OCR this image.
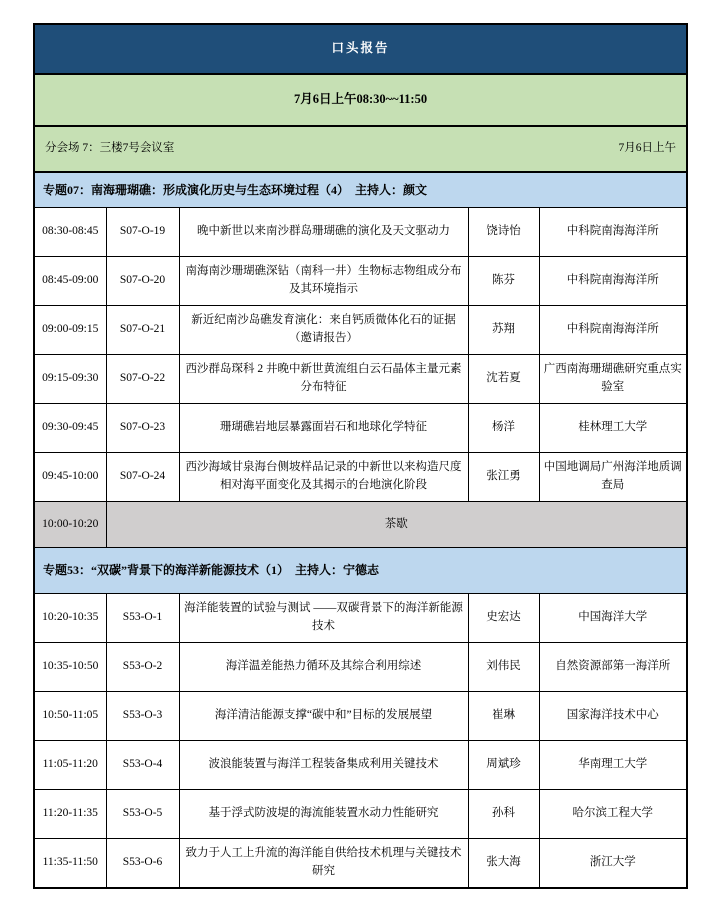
口头报告				
7月6日上午08:30~~11:50				

分会场 7：三楼7号会议室 7月6日上午				

专题07：南海珊瑚礁：形成演化历史与生态环境过程（4）　主持人：颜文				
08:30-08:45	S07-O-19	晚中新世以来南沙群岛珊瑚礁的演化及天文驱动力	饶诗怡	中科院南海海洋所
08:45-09:00	S07-O-20	南海南沙珊瑚礁深钻（南科一井）生物标志物组成分布及其环境指示	陈芬	中科院南海海洋所
09:00-09:15	S07-O-21	新近纪南沙岛礁发育演化：来自钙质微体化石的证据（邀请报告）	苏翔	中科院南海海洋所
09:15-09:30	S07-O-22	西沙群岛琛科 2 井晚中新世黄流组白云石晶体主量元素分布特征	沈若夏	广西南海珊瑚礁研究重点实验室
09:30-09:45	S07-O-23	珊瑚礁岩地层暴露面岩石和地球化学特征	杨洋	桂林理工大学
09:45-10:00	S07-O-24	西沙海域甘泉海台侧坡样品记录的中新世以来构造尺度相对海平面变化及其揭示的台地演化阶段	张江勇	中国地调局广州海洋地质调查局
10:00-10:20	茶歇			
专题53：“双碳”背景下的海洋新能源技术（1）　主持人：宁德志				
10:20-10:35	S53-O-1	海洋能装置的试验与测试 ——双碳背景下的海洋新能源技术	史宏达	中国海洋大学
10:35-10:50	S53-O-2	海洋温差能热力循环及其综合利用综述	刘伟民	自然资源部第一海洋所
10:50-11:05	S53-O-3	海洋清洁能源支撑“碳中和”目标的发展展望	崔琳	国家海洋技术中心
11:05-11:20	S53-O-4	波浪能装置与海洋工程装备集成利用关键技术	周斌珍	华南理工大学
11:20-11:35	S53-O-5	基于浮式防波堤的海流能装置水动力性能研究	孙科	哈尔滨工程大学
11:35-11:50	S53-O-6	致力于人工上升流的海洋能自供给技术机理与关键技术研究	张大海	浙江大学
